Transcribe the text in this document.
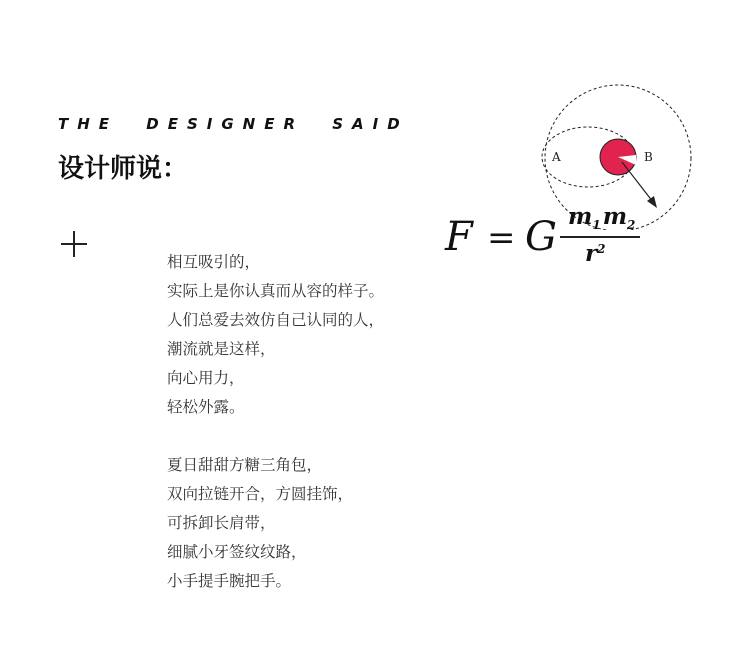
THE DESIGNER SAID
设计师说：
相互吸引的，
实际上是你认真而从容的样子。
人们总爱去效仿自己认同的人，
潮流就是这样，
向心用力，
轻松外露。
夏日甜甜方糖三角包，
双向拉链开合，方圆挂饰，
可拆卸长肩带，
细腻小牙签纹纹路，
小手提手腕把手。
A	B
F = G $m_1m_2$
$r^2$
